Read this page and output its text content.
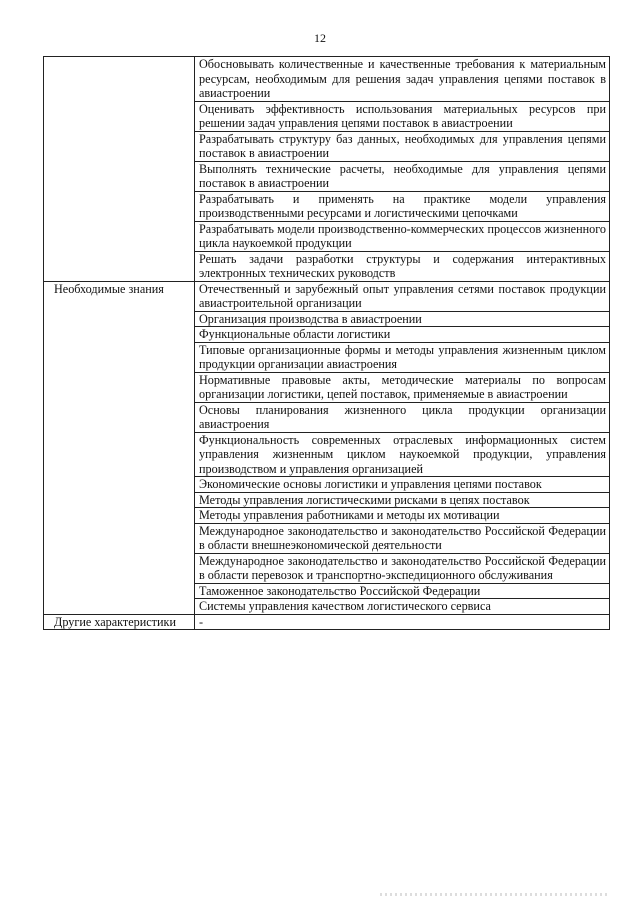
12
	Обосновывать количественные и качественные требования к материальным ресурсам, необходимым для решения задач управления цепями поставок в авиастроении
	Оценивать эффективность использования материальных ресурсов при решении задач управления цепями поставок в авиастроении
	Разрабатывать структуру баз данных, необходимых для управления цепями поставок в авиастроении
	Выполнять технические расчеты, необходимые для управления цепями поставок в авиастроении
	Разрабатывать и применять на практике модели управления производственными ресурсами и логистическими цепочками
	Разрабатывать модели производственно-коммерческих процессов жизненного цикла наукоемкой продукции
	Решать задачи разработки структуры и содержания интерактивных электронных технических руководств

Необходимые знания	Отечественный и зарубежный опыт управления сетями поставок продукции авиастроительной организации
	Организация производства в авиастроении
	Функциональные области логистики
	Типовые организационные формы и методы управления жизненным циклом продукции организации авиастроения
	Нормативные правовые акты, методические материалы по вопросам организации логистики, цепей поставок, применяемые в авиастроении
	Основы планирования жизненного цикла продукции организации авиастроения
	Функциональность современных отраслевых информационных систем управления жизненным циклом наукоемкой продукции, управления производством и управления организацией
	Экономические основы логистики и управления цепями поставок
	Методы управления логистическими рисками в цепях поставок
	Методы управления работниками и методы их мотивации
	Международное законодательство и законодательство Российской Федерации в области внешнеэкономической деятельности
	Международное законодательство и законодательство Российской Федерации в области перевозок и транспортно-экспедиционного обслуживания
	Таможенное законодательство Российской Федерации
	Системы управления качеством логистического сервиса

Другие характеристики	-
